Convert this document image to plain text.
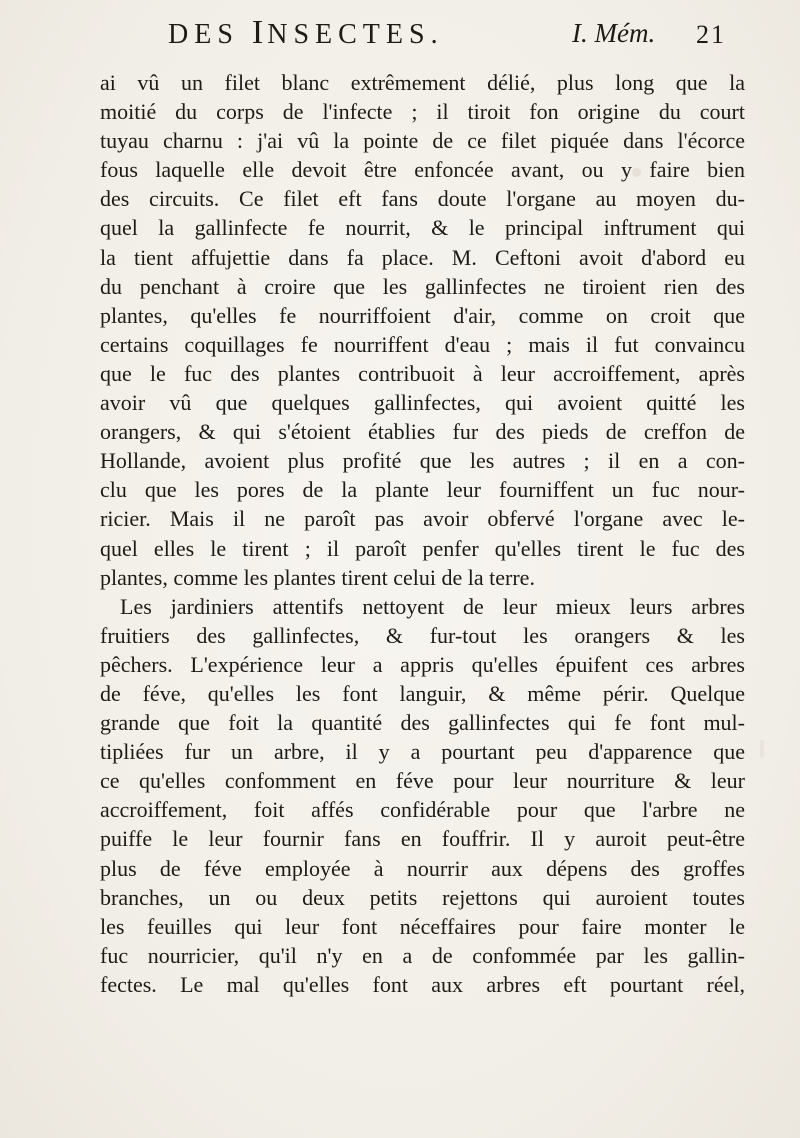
DES INSECTES.	I. Mém. 21
ai vû un filet blanc extrêmement délié, plus long que la
moitié du corps de l'infecte ; il tiroit fon origine du court
tuyau charnu : j'ai vû la pointe de ce filet piquée dans l'écorce
fous laquelle elle devoit être enfoncée avant, ou y faire bien
des circuits. Ce filet eft fans doute l'organe au moyen du-
quel la gallinfecte fe nourrit, & le principal inftrument qui
la tient affujettie dans fa place. M. Ceftoni avoit d'abord eu
du penchant à croire que les gallinfectes ne tiroient rien des
plantes, qu'elles fe nourriffoient d'air, comme on croit que
certains coquillages fe nourriffent d'eau ; mais il fut convaincu
que le fuc des plantes contribuoit à leur accroiffement, après
avoir vû que quelques gallinfectes, qui avoient quitté les
orangers, & qui s'étoient établies fur des pieds de creffon de
Hollande, avoient plus profité que les autres ; il en a con-
clu que les pores de la plante leur fourniffent un fuc nour-
ricier. Mais il ne paroît pas avoir obfervé l'organe avec le-
quel elles le tirent ; il paroît penfer qu'elles tirent le fuc des
plantes, comme les plantes tirent celui de la terre.
Les jardiniers attentifs nettoyent de leur mieux leurs arbres
fruitiers des gallinfectes, & fur-tout les orangers & les
pêchers. L'expérience leur a appris qu'elles épuifent ces arbres
de féve, qu'elles les font languir, & même périr. Quelque
grande que foit la quantité des gallinfectes qui fe font mul-
tipliées fur un arbre, il y a pourtant peu d'apparence que
ce qu'elles confomment en féve pour leur nourriture & leur
accroiffement, foit affés confidérable pour que l'arbre ne
puiffe le leur fournir fans en fouffrir. Il y auroit peut-être
plus de féve employée à nourrir aux dépens des groffes
branches, un ou deux petits rejettons qui auroient toutes
les feuilles qui leur font néceffaires pour faire monter le
fuc nourricier, qu'il n'y en a de confommée par les gallin-
fectes. Le mal qu'elles font aux arbres eft pourtant réel,
